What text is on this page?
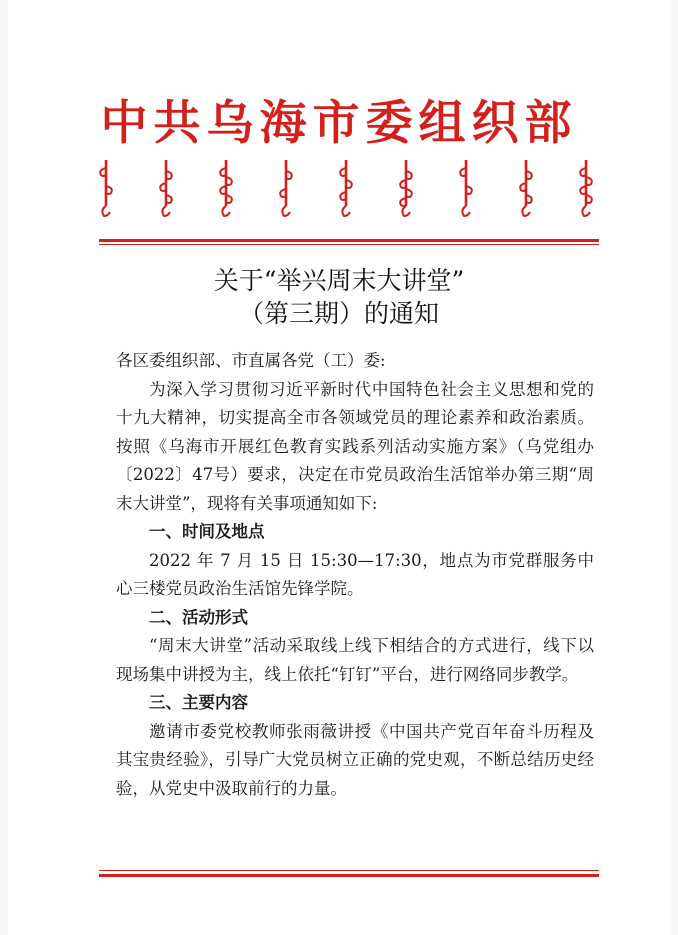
中共乌海市委组织部
关于“举兴周末大讲堂”
（第三期）的通知

各区委组织部、市直属各党（工）委:

为深入学习贯彻习近平新时代中国特色社会主义思想和党的十九大精神，切实提高全市各领域党员的理论素养和政治素质。按照《乌海市开展红色教育实践系列活动实施方案》（乌党组办〔2022〕47号）要求，决定在市党员政治生活馆举办第三期“周末大讲堂”，现将有关事项通知如下:

一、时间及地点

2022 年 7 月 15 日 15:30—17:30，地点为市党群服务中心三楼党员政治生活馆先锋学院。

二、活动形式

“周末大讲堂”活动采取线上线下相结合的方式进行，线下以现场集中讲授为主，线上依托“钉钉”平台，进行网络同步教学。

三、主要内容

邀请市委党校教师张雨薇讲授《中国共产党百年奋斗历程及其宝贵经验》，引导广大党员树立正确的党史观，不断总结历史经验，从党史中汲取前行的力量。
